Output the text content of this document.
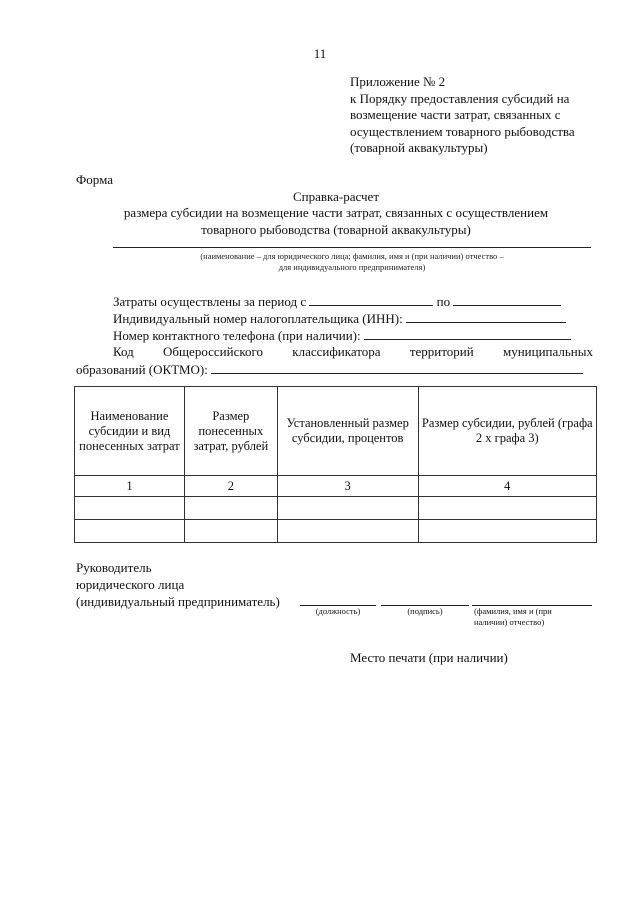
11
Приложение № 2
к Порядку предоставления субсидий на
возмещение части затрат, связанных с
осуществлением товарного рыбоводства
(товарной аквакультуры)
Форма
Справка-расчет
размера субсидии на возмещение части затрат, связанных с осуществлением
товарного рыбоводства (товарной аквакультуры)
(наименование – для юридического лица; фамилия, имя и (при наличии) отчество –
для индивидуального предпринимателя)
Затраты осуществлены за период с	по
Индивидуальный номер налогоплательщика (ИНН):
Номер контактного телефона (при наличии):
Код Общероссийского классификатора территорий муниципальных
образований (ОКТМО):
Наименование субсидии и вид понесенных затрат	Размер понесенных затрат, рублей	Установленный размер субсидии, процентов	Размер субсидии, рублей (графа 2 х графа 3)
1	2	3	4

Руководитель
юридического лица
(индивидуальный предприниматель)
(должность)	(подпись)	(фамилия, имя и (при
наличии) отчество)
Место печати (при наличии)
